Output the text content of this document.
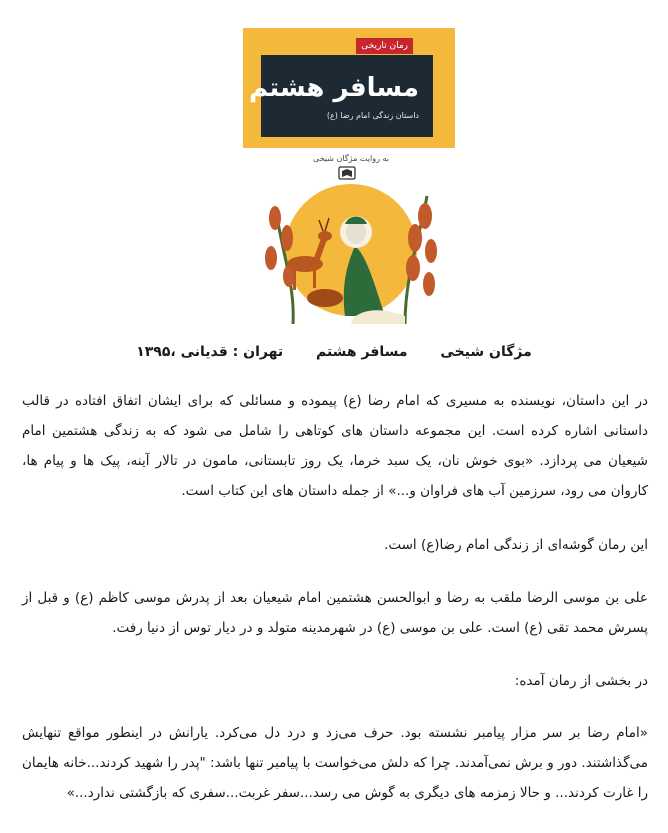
رمان تاریخی
مسافر هشتم
داستان زندگی امام رضا (ع)
به روایت مژگان شیخی
مژگان شیخی مسافر هشتم تهران : قدیانی ،۱۳۹۵

در این داستان، نویسنده به مسیری که امام رضا (ع) پیموده و مسائلی که برای ایشان اتفاق افتاده در قالب داستانی اشاره کرده است. این مجموعه داستان های کوتاهی را شامل می شود که به زندگی هشتمین امام شیعیان می پردازد. «بوی خوش نان، یک سبد خرما، یک روز تابستانی، مامون در تالار آینه، پیک ها و پیام ها، کاروان می رود، سرزمین آب های فراوان و...» از جمله داستان های این کتاب است.

این رمان گوشه‌ای از زندگی امام رضا(ع) است.

علی بن موسی الرضا ملقب به رضا و ابوالحسن هشتمین امام شیعیان بعد از پدرش موسی کاظم (ع) و قبل از پسرش محمد تقی (ع) است. علی بن موسی (ع) در شهرمدینه متولد و در دیار توس از دنیا رفت.

در بخشی از رمان آمده:

«امام رضا بر سر مزار پیامبر نشسته بود. حرف می‌زد و درد دل می‌کرد. یارانش در اینطور مواقع تنهایش می‌گذاشتند. دور و برش نمی‌آمدند. چرا که دلش می‌خواست با پیامبر تنها باشد: "پدر را شهید کردند...خانه هایمان را غارت کردند... و حالا زمزمه های دیگری به گوش می رسد...سفر غربت...سفری که بازگشتی ندارد...»
